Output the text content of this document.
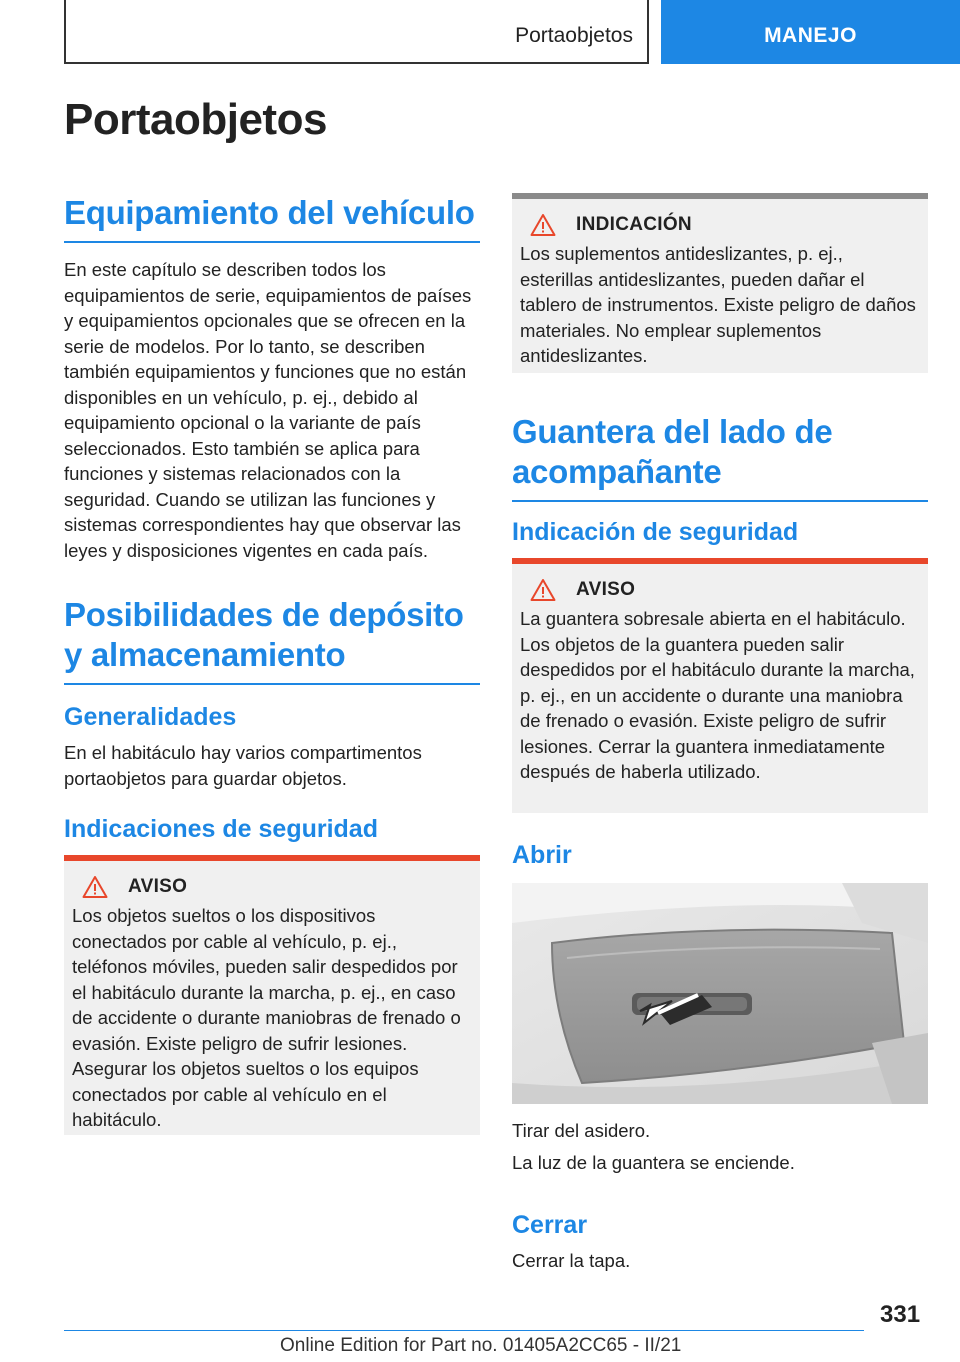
Portaobjetos	MANEJO
Portaobjetos
Equipamiento del vehículo

En este capítulo se describen todos los equipamientos de serie, equipamientos de países y equipamientos opcionales que se ofrecen en la serie de modelos. Por lo tanto, se describen también equipamientos y funciones que no están disponibles en un vehículo, p. ej., debido al equipamiento opcional o la variante de país seleccionados. Esto también se aplica para funciones y sistemas relacionados con la seguridad. Cuando se utilizan las funciones y sistemas correspondientes hay que observar las leyes y disposiciones vigentes en cada país.

Posibilidades de depósito y almacenamiento
Generalidades

En el habitáculo hay varios compartimentos portaobjetos para guardar objetos.

Indicaciones de seguridad
AVISO

Los objetos sueltos o los dispositivos conectados por cable al vehículo, p. ej., teléfonos móviles, pueden salir despedidos por el habitáculo durante la marcha, p. ej., en caso de accidente o durante maniobras de frenado o evasión. Existe peligro de sufrir lesiones. Asegurar los objetos sueltos o los equipos conectados por cable al vehículo en el habitáculo.

INDICACIÓN

Los suplementos antideslizantes, p. ej., esterillas antideslizantes, pueden dañar el tablero de instrumentos. Existe peligro de daños materiales. No emplear suplementos antideslizantes.

Guantera del lado de acompañante
Indicación de seguridad
AVISO

La guantera sobresale abierta en el habitáculo. Los objetos de la guantera pueden salir despedidos por el habitáculo durante la marcha, p. ej., en un accidente o durante una maniobra de frenado o evasión. Existe peligro de sufrir lesiones. Cerrar la guantera inmediatamente después de haberla utilizado.

Abrir

Tirar del asidero.

La luz de la guantera se enciende.

Cerrar

Cerrar la tapa.

331
Online Edition for Part no. 01405A2CC65 - II/21
